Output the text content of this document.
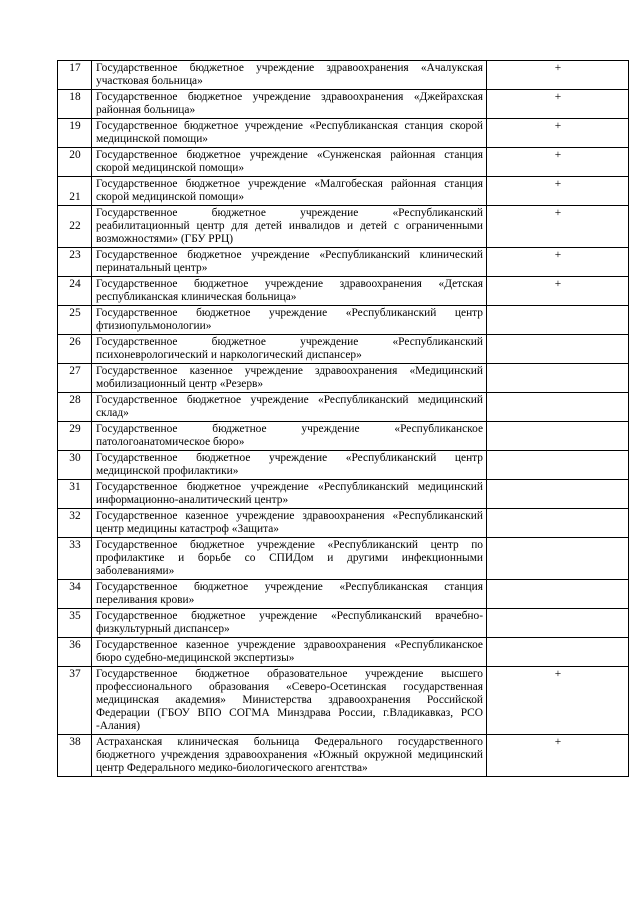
17	Государственное бюджетное учреждение здравоохранения «Ачалукская участковая больница»	+
18	Государственное бюджетное учреждение здравоохранения «Джейрахская районная больница»	+
19	Государственное бюджетное учреждение «Республиканская станция скорой медицинской помощи»	+
20	Государственное бюджетное учреждение «Сунженская районная станция скорой медицинской помощи»	+
21	Государственное бюджетное учреждение «Малгобеская районная станция скорой медицинской помощи»	+
22	Государственное бюджетное учреждение «Республиканский реабилитационный центр для детей инвалидов и детей с ограниченными возможностями» (ГБУ РРЦ)	+
23	Государственное бюджетное учреждение «Республиканский клинический перинатальный центр»	+
24	Государственное бюджетное учреждение здравоохранения «Детская республиканская клиническая больница»	+
25	Государственное бюджетное учреждение «Республиканский центр фтизиопульмонологии»	
26	Государственное бюджетное учреждение «Республиканский психоневрологический и наркологический диспансер»	
27	Государственное казенное учреждение здравоохранения «Медицинский мобилизационный центр «Резерв»	
28	Государственное бюджетное учреждение «Республиканский медицинский склад»	
29	Государственное бюджетное учреждение «Республиканское патологоанатомическое бюро»	
30	Государственное бюджетное учреждение «Республиканский центр медицинской профилактики»	
31	Государственное бюджетное учреждение «Республиканский медицинский информационно-аналитический центр»	
32	Государственное казенное учреждение здравоохранения «Республиканский центр медицины катастроф «Защита»	
33	Государственное бюджетное учреждение «Республиканский центр по профилактике и борьбе со СПИДом и другими инфекционными заболеваниями»	
34	Государственное бюджетное учреждение «Республиканская станция переливания крови»	
35	Государственное бюджетное учреждение «Республиканский врачебно-физкультурный диспансер»	
36	Государственное казенное учреждение здравоохранения «Республиканское бюро судебно-медицинской экспертизы»	
37	Государственное бюджетное образовательное учреждение высшего профессионального образования «Северо-Осетинская государственная медицинская академия» Министерства здравоохранения Российской Федерации (ГБОУ ВПО СОГМА Минздрава России, г.Владикавказ, РСО -Алания)	+
38	Астраханская клиническая больница Федерального государственного бюджетного учреждения здравоохранения «Южный окружной медицинский центр Федерального медико-биологического агентства»	+
